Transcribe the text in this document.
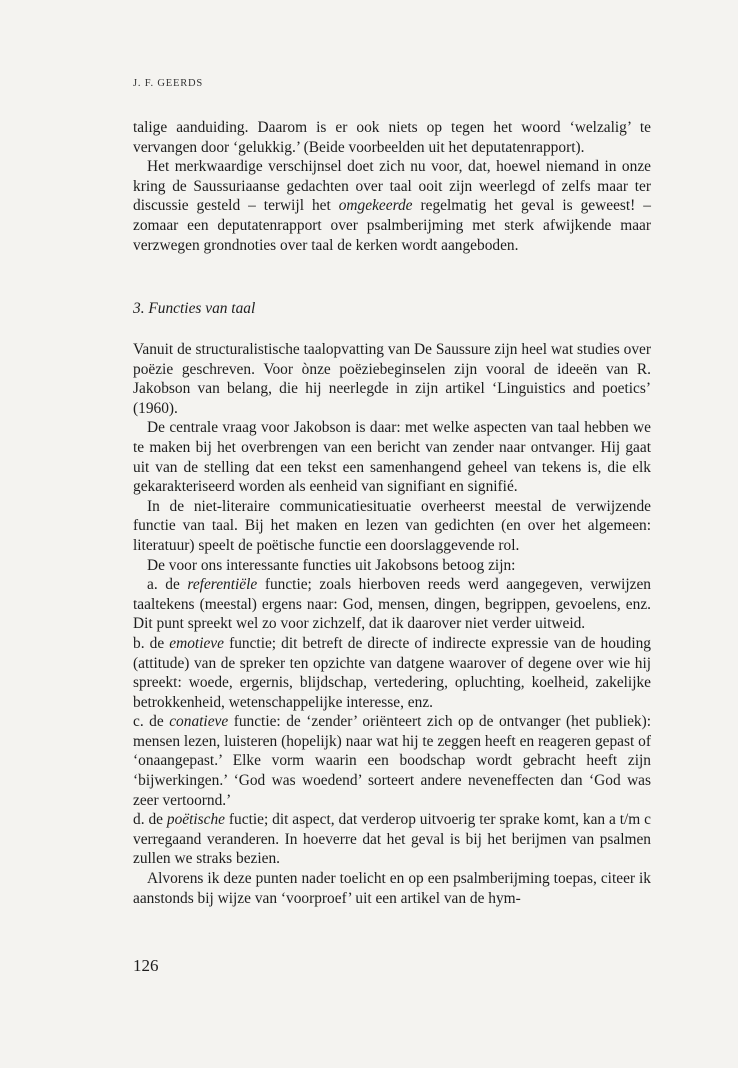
J. F. GEERDS

talige aanduiding. Daarom is er ook niets op tegen het woord ‘welzalig’ te vervangen door ‘gelukkig.’ (Beide voorbeelden uit het deputatenrapport).

Het merkwaardige verschijnsel doet zich nu voor, dat, hoewel niemand in onze kring de Saussuriaanse gedachten over taal ooit zijn weerlegd of zelfs maar ter discussie gesteld – terwijl het omgekeerde regelmatig het geval is geweest! – zomaar een deputatenrapport over psalmberijming met sterk afwijkende maar verzwegen grondnoties over taal de kerken wordt aangeboden.

3. Functies van taal

Vanuit de structuralistische taalopvatting van De Saussure zijn heel wat studies over poëzie geschreven. Voor ònze poëziebeginselen zijn vooral de ideeën van R. Jakobson van belang, die hij neerlegde in zijn artikel ‘Linguistics and poetics’ (1960).

De centrale vraag voor Jakobson is daar: met welke aspecten van taal hebben we te maken bij het overbrengen van een bericht van zender naar ontvanger. Hij gaat uit van de stelling dat een tekst een samenhangend geheel van tekens is, die elk gekarakteriseerd worden als eenheid van signifiant en signifié.

In de niet-literaire communicatiesituatie overheerst meestal de verwijzende functie van taal. Bij het maken en lezen van gedichten (en over het algemeen: literatuur) speelt de poëtische functie een doorslaggevende rol.

De voor ons interessante functies uit Jakobsons betoog zijn:

a. de referentiële functie; zoals hierboven reeds werd aangegeven, verwijzen taaltekens (meestal) ergens naar: God, mensen, dingen, begrippen, gevoelens, enz. Dit punt spreekt wel zo voor zichzelf, dat ik daarover niet verder uitweid.

b. de emotieve functie; dit betreft de directe of indirecte expressie van de houding (attitude) van de spreker ten opzichte van datgene waarover of degene over wie hij spreekt: woede, ergernis, blijdschap, vertedering, opluchting, koelheid, zakelijke betrokkenheid, wetenschappelijke interesse, enz.

c. de conatieve functie: de ‘zender’ oriënteert zich op de ontvanger (het publiek): mensen lezen, luisteren (hopelijk) naar wat hij te zeggen heeft en reageren gepast of ‘onaangepast.’ Elke vorm waarin een boodschap wordt gebracht heeft zijn ‘bijwerkingen.’ ‘God was woedend’ sorteert andere neveneffecten dan ‘God was zeer vertoornd.’

d. de poëtische fuctie; dit aspect, dat verderop uitvoerig ter sprake komt, kan a t/m c verregaand veranderen. In hoeverre dat het geval is bij het berijmen van psalmen zullen we straks bezien.

Alvorens ik deze punten nader toelicht en op een psalmberijming toepas, citeer ik aanstonds bij wijze van ‘voorproef’ uit een artikel van de hym-

126
